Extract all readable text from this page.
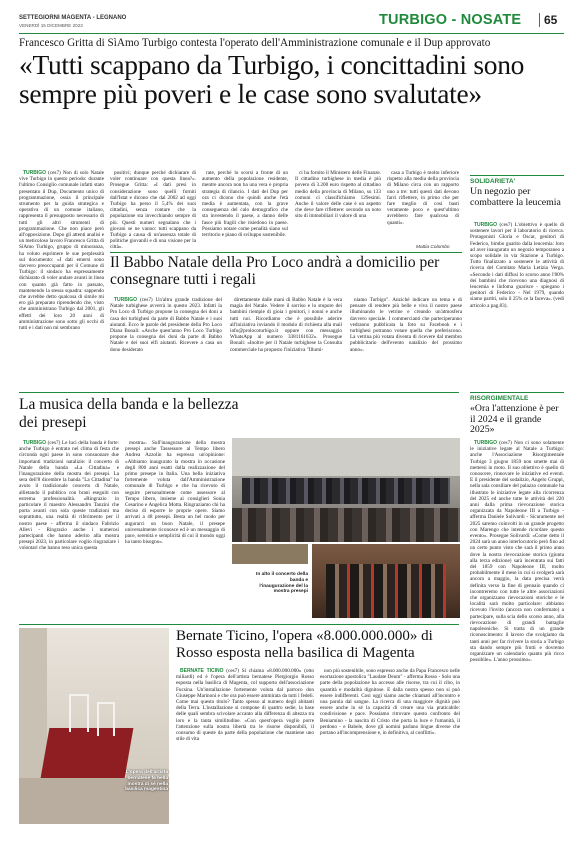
SETTEGIORNI MAGENTA - LEGNANO
VENERDÌ 15 DICEMBRE 2023	TURBIGO - NOSATE	65
Francesco Gritta di SìAmo Turbigo contesta l'operato dell'Amministrazione comunale e il Dup approvato
«Tutti scappano da Turbigo, i concittadini sono sempre più poveri e le case sono svalutate»

TURBIGO (ces7) Non di solo Natale vive Turbigo in questo periodo: durante l'ultimo Consiglio comunale infatti stato presentato il Dup, Documento unico di programmazione, ossia il principale strumento per la guida strategica e operativa di un comune italiano, rappresenta il presupposto necessario di tutti gli altri strumenti di programmazione. Che non piace però all'opposizione. Dopo gli attenti analisi e un meticoloso lavoro Francesco Gritta di SìAmo Turbigo, gruppo di minoranza, ha voluto esprimere le sue perplessità sul documento: «I dati emersi sono davvero preoccupanti per il Comune di Turbigo: il sindaco ha espressamente dichiarato di voler andare avanti in linea con quanto già fatto in passato, mantenendo la stessa squadra: sappendo che avrebbe detto qualcosa di simile mi ero già preparato riprendendo che, visto che amministrano Turbigo dal 2001, gli effetti dei loro 20 anni di amministrazione sono sotto gli occhi di tutti e i dati non mi sembrano

positivi; dunque perché dichiarare di voler continuare con questa linea?». Prosegue Gritta: «I dati presi in considerazione sono quelli forniti dall'Istat e dicono che dal 2002 ad oggi Turbigo ha perso il 5,4% dei suoi cittadini, senza contare che la popolazione sta invecchiando sempre di più. Questi numeri segnalano che i giovani se ne vanno: tutti scappano da Turbigo a causa di un'assenza totale di politiche giovanili e di una visione per la città».

rate, perché lo scorsi a fronte di un aumento della popolazione residente, mentre ancora non ha una vera e propria strategia di rilancio. I dati del Dup per ora ci dicono che quindi anche l'età media è aumentata, con la grave conseguenza del calo demografico che sta investendo il paese, a danno delle fasce più fragili che risiedono in paese. Possiamo notare come penalità siano sul territorio e piano di sviluppo sostenibile.

ci ha fornito il Ministero delle Finanze. Il cittadino turbighese in media è più povero di 3.200 euro rispetto al cittadino medio della provincia di Milano, su 133 comuni ci classifichiamo 129esimi. Anche il valore delle case è un aspetto che deve fare riflettere: secondo un noto sito di immobiliari il valore di una

casa a Turbigo è molto inferiore rispetto alla media della provincia di Milano circa con un rapporto uno a tre: tutti questi dati devono farci riflettere, in primo che per fare meglio di così basti veramente poco e quest'ultimo avrebbero fare qualcosa di quanti».

Mattia Colombo
SOLIDARIETA'
Un negozio per combattere la leucemia

TURBIGO (ces7) L'obiettivo è quello di sostenere lavori per il laboratorio di ricerca. Protagonisti Gloria e Oscar, genitori di Federico, bimbo guarito dalla leucemia: loro ad aver inaugurato un negozio temporaneo a scopo solidale in via Stazione a Turbigo. Tutto finalizzato a sostenere le attività di ricerca del Comitato Maria Letizia Verga. «Secondo i dati diffusi lo scorso anno l'80% dei bambini che ricevono una diagnosi di leucemia e linfoma guarisce - spiegano i genitori di Federico - Nel 1979, quando siamo partiti, solo il 25% ce la faceva». (vedi articolo a pag.83).

Il Babbo Natale della Pro Loco andrà a domicilio per consegnare tutti i regali

TURBIGO (ces7) Un'altra grande tradizione del Natale turbighese avverrà in questo 2023. Infatti la Pro Loco di Turbigo propone la consegna dei doni a casa dei turbighesi da parte di Babbo Natale e i suoi aiutanti. Ecco le parole del presidente della Pro Loco Diana Bonali: «Anche quest'anno Pro Loco Turbigo propone la consegna dei doni da parte di Babbo Natale e dei suoi elfi aiutanti. Ricevere a casa un dono desiderato

direttamente dalle mani di Babbo Natale è la vera magia del Natale. Vedere il sorriso e lo stupore dei bambini riempie di gioia i genitori, i nonni e anche tutti noi. Ricordiamo che è possibile aderire all'iniziativa inviando il modulo di richiesta alla mail info@prolocoturbigo.it oppure con messaggio WhatsApp al numero 3381161632». Prosegue Bonali: «Inoltre per il Natale turbighese la Consulta commerciale ha proposto l'iniziativa "Illumi-

niamo Turbigo". Anziché indicare un tema e di pensare di rendere più belle e viva il nostro paese illuminando le vetrine e creando un'atmosfera davvero speciale. I commercianti che parteciperanno vedranno pubblicata la foto su Facebook e i turbighesi potranno votare quella che preferiscono. La vetrina più votata diventa di ricevere dal membro pubblicitario dell'evento natalizio del prossimo anno».

La musica della banda e la bellezza dei presepi

TURBIGO (ces7) Le luci della banda è forte: anche Turbigo è entrato nel clima di festa che circonda ogni paese in sono consuonare due importanti tradizioni natalizie: il concerto di Natale della banda «La Cittadina» e l'inaugurazione della mostra dei presepi. La sera dell'8 dicembre la banda "La Cittadina" ha avuto il tradizionale concerto di Natale, allietando il pubblico con brani eseguiti con estrema professionalità. «Ringrazio in particolare il maestro Alessandro Tanzini che porta avanti con sola queste tradizioni ma soprattutto, una realtà di riferimento per il nostro paese - afferma il sindaco Fabrizio Allevi - Ringrazio anche i numerosi partecipanti che hanno aderito alla mostra presepi 2023, in particolare voglio ringraziare i volontari che hanno reso unica questa

mostra». Sull'inaugurazione della mostra presepi anche Tassessore al Tempo libero Andrea Azzolin ha espresso un'opinione: «Abbiamo inaugurato la mostra in occasione degli 800 anni esatti dalla realizzazione del primo presepe in Italia. Una bella iniziativa fortemente voluta dall'Amministrazione comunale di Turbigo e che ha ricevuto di seguire personalmente come assessore al Tempo libero, insieme ai consiglieri Sonia Cesarino e Angelica Motta. Ringraziamo chi ha deciso di esporre le proprie opere. Siamo arrivati a 48 presepi. Besta un bel modo per augurarci un buon Natale, il presepe universalmente riconosce ed è un messaggio di pace, serenità e semplicità di cui il mondo oggi ha tanto bisogno».

In alto il concerto della banda e l'inaugurazione del la mostra presepi
RISORGIMENTALE
«Ora l'attenzione è per il 2024 e il grande 2025»

TURBIGO (ces7) Non ci sono solamente le iniziative legate al Natale a Turbigo: anche l'Associazione Risorgimentale Turbigo 3 giugno 1859 non smette mai di mettersi in moto. Il suo obiettivo è quello di conoscere, rinnovare le iniziative ed eventi. E il presidente del sodalizio, Angelo Gruppi, nella sala consiliare del palazzo comunale ha illustrato le iniziative legate alla ricorrenza del 2025 ed anche tutte le attività del 220 anni dalla prima rievocazione storica organizzata da Napoleone III a Turbigo - afferma Daniele Solivardi - Sicuramente nel 2025 saremo coinvolti in un grande progetto con Marengo che intende ricordare questo evento». Prosegue Solivardi: «Come detto il 2024 sarà un anno interlocutorio però fino ad un certo punto visto che sarà il primo anno dove la nostra rievocazione storica (giunta alla terza edizione) sarà incentrata sui fatti del 1859 con Napoleone III, molto probabilmente il mese in cui si svolgerà sarà ancora a maggio, la data precisa verrà definita verso la fine di gennaio quando ci incontreremo con tutte le altre associazioni che organizzano rievocazioni storiche e le località sarà molto particolare: abbiamo ricevuto l'invito (ancora non confermato) a partecipare, sulla scia dello scorso anno, alla rievocazione di grandi battaglie napoleoniche. Si tratta di un grande riconoscimento: il lavoro che svolgiamo da tanti anni per far rivivere la storia a Turbigo sta dando sempre più frutti e dovremo organizzare un calendario quanto più ricco possibile». L'anno prossimo».

Bernate Ticino, l'opera «8.000.000.000» di Rosso esposta nella basilica di Magenta
L'opera dell'artista bernatese fa bella mostra di sé nella basilica magentina

BERNATE TICINO (ces7) Si chiama «8.000.000.000» (otto miliardi) ed è l'opera dell'artista bernatese Piergiorgio Rosso esposta nella basilica di Magenta, col supporto dell'associazione Fucsina. Un'installazione fortemente voluta dal parroco don Giuseppe Marinoni e che ora può essere ammirata da tutti i fedeli. Come mai questo titolo? Tanto spesso al numero degli abitanti della Terra. L'installazione si compone di quattro sedie, la base delle quali sembra scivolare accanto alla differenza di altezza tra loro e la tanta similitudine. «Con quest'opera voglio porre l'attenzione sulla nostra libertà tra le risorse disponibili, il consumo di queste da parte della popolazione che mantiene uno stile di vita

non più sostenibile, sono espresso anche da Papa Francesco nelle esortazione apostolica "Laudate Deum" - afferma Rosso - Solo una parte della popolazione ha accesso alle risorse, tra cui il cibo, in quantità e modalità dignitose. E dalla nostra spesso non si può essere indifferenti. Così oggi siamo anche chiamati all'incontro e una parola dal sangue. La ricerca di una maggiore dignità può essere anche in sé la capacità di creare una via praticabile: condivisione e pace. Possiamo ritrovare questo confronto del Beniamino - la nascita di Cristo che porta la luce e l'umanità, il perdono - e Babele, dove gli uomini parlano lingue diverse che portano all'incomprensione e, in definitiva, al conflitti».
